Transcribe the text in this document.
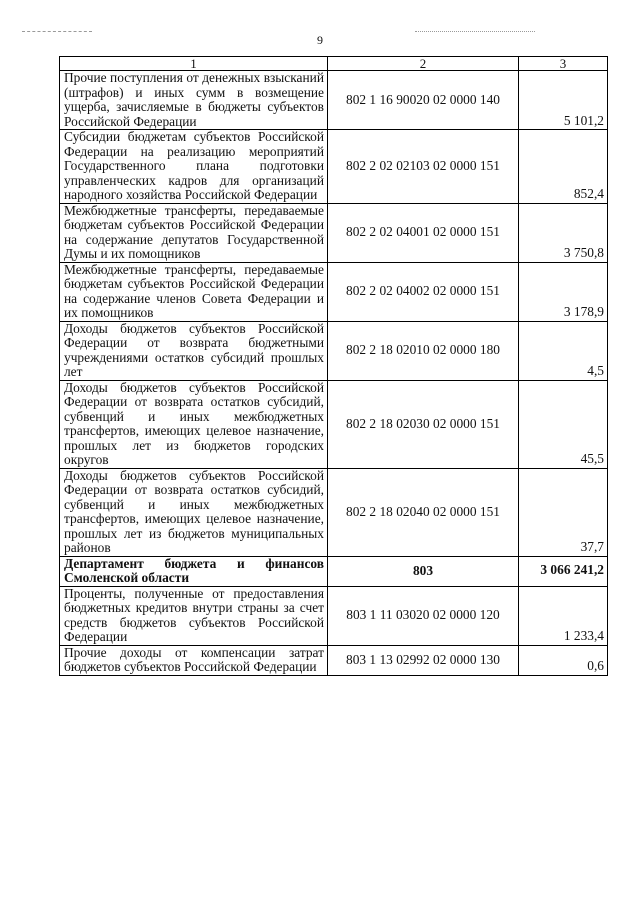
9
1	2	3

Прочие поступления от денежных взысканий (штрафов) и иных сумм в возмещение ущерба, зачисляемые в бюджеты субъектов Российской Федерации	802 1 16 90020 02 0000 140	5 101,2

Субсидии бюджетам субъектов Российской Федерации на реализацию мероприятий Государственного плана подготовки управленческих кадров для организаций народного хозяйства Российской Федерации	802 2 02 02103 02 0000 151	852,4

Межбюджетные трансферты, передаваемые бюджетам субъектов Российской Федерации на содержание депутатов Государственной Думы и их помощников	802 2 02 04001 02 0000 151	3 750,8

Межбюджетные трансферты, передаваемые бюджетам субъектов Российской Федерации на содержание членов Совета Федерации и их помощников	802 2 02 04002 02 0000 151	3 178,9

Доходы бюджетов субъектов Российской Федерации от возврата бюджетными учреждениями остатков субсидий прошлых лет	802 2 18 02010 02 0000 180	4,5

Доходы бюджетов субъектов Российской Федерации от возврата остатков субсидий, субвенций и иных межбюджетных трансфертов, имеющих целевое назначение, прошлых лет из бюджетов городских округов	802 2 18 02030 02 0000 151	45,5

Доходы бюджетов субъектов Российской Федерации от возврата остатков субсидий, субвенций и иных межбюджетных трансфертов, имеющих целевое назначение, прошлых лет из бюджетов муниципальных районов	802 2 18 02040 02 0000 151	37,7

Департамент бюджета и финансов Смоленской области	803	3 066 241,2

Проценты, полученные от предоставления бюджетных кредитов внутри страны за счет средств бюджетов субъектов Российской Федерации	803 1 11 03020 02 0000 120	1 233,4

Прочие доходы от компенсации затрат бюджетов субъектов Российской Федерации	803 1 13 02992 02 0000 130	0,6
